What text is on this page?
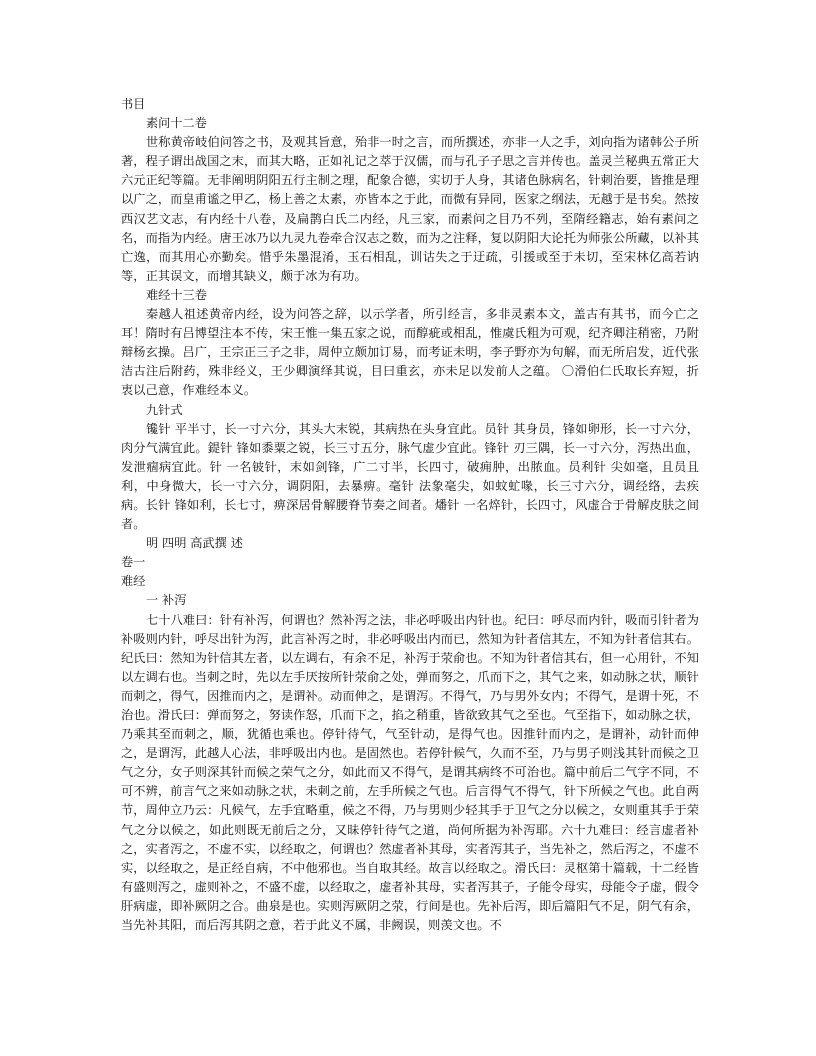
书目

素问十二卷

世称黄帝岐伯问答之书，及观其旨意，殆非一时之言，而所撰述，亦非一人之手，刘向指为诸韩公子所著，程子谓出战国之末，而其大略，正如礼记之萃于汉儒，而与孔子子思之言并传也。盖灵兰秘典五常正大六元正纪等篇。无非阐明阴阳五行主制之理，配象合德，实切于人身，其诸色脉病名，针刺治要，皆推是理以广之，而皇甫谧之甲乙，杨上善之太素，亦皆本之于此，而微有异同，医家之纲法，无越于是书矣。然按西汉艺文志，有内经十八卷，及扁鹊白氏二内经，凡三家，而素问之目乃不列，至隋经籍志，始有素问之名，而指为内经。唐王冰乃以九灵九卷牵合汉志之数，而为之注释，复以阴阳大论托为师张公所藏，以补其亡逸，而其用心亦勤矣。惜乎朱墨混淆，玉石相乱，训诂失之于迂疏，引援或至于未切，至宋林亿高若讷等，正其误文，而增其缺义，颇于冰为有功。

难经十三卷

秦越人祖述黄帝内经，设为问答之辞，以示学者，所引经言，多非灵素本文，盖古有其书，而今亡之耳！隋时有吕博望注本不传，宋王惟一集五家之说，而醇疵或相乱，惟虞氏粗为可观，纪齐卿注稍密，乃附辩杨玄操。吕广，王宗正三子之非，周仲立颇加订易，而考证未明，李子野亦为句解，而无所启发，近代张洁古注后附药，殊非经义，王少卿演绎其说，目曰重玄，亦未足以发前人之蕴。 〇滑伯仁氏取长弃短，折衷以己意，作难经本义。

九针式

镵针 平半寸，长一寸六分，其头大末锐，其病热在头身宜此。员针 其身员，锋如卵形，长一寸六分，肉分气满宜此。鍉针 锋如黍粟之锐，长三寸五分，脉气虚少宜此。锋针 刃三隅，长一寸六分，泻热出血，发泄痼病宜此。针 一名铍针，末如剑锋，广二寸半，长四寸，破痈肿，出脓血。员利针 尖如毫，且员且利，中身微大，长一寸六分，调阴阳，去暴痹。毫针 法象毫尖，如蚊虻喙，长三寸六分，调经络，去疾病。长针 锋如利，长七寸，痹深居骨解腰脊节奏之间者。燔针 一名焠针，长四寸，风虚合于骨解皮肤之间者。

明 四明 高武撰 述

卷一

难经

一 补泻

七十八难曰：针有补泻，何谓也？然补泻之法，非必呼吸出内针也。纪曰：呼尽而内针，吸而引针者为补吸则内针，呼尽出针为泻，此言补泻之时，非必呼吸出内而已，然知为针者信其左，不知为针者信其右。纪氏曰：然知为针信其左者，以左调右，有余不足，补泻于荥俞也。不知为针者信其右，但一心用针，不知以左调右也。当刺之时，先以左手厌按所针荥俞之处，弹而努之，爪而下之，其气之来，如动脉之状，顺针而刺之，得气，因推而内之，是谓补。动而伸之，是谓泻。不得气，乃与男外女内；不得气，是谓十死，不治也。滑氏曰：弹而努之，努读作怒，爪而下之，掐之稍重，皆欲致其气之至也。气至指下，如动脉之状，乃乘其至而刺之，顺，犹循也乘也。停针待气，气至针动，是得气也。因推针而内之，是谓补，动针而伸之，是谓泻，此越人心法，非呼吸出内也。是固然也。若停针候气，久而不至，乃与男子则浅其针而候之卫气之分，女子则深其针而候之荣气之分，如此而又不得气，是谓其病终不可治也。篇中前后二气字不同，不可不辨，前言气之来如动脉之状，未刺之前，左手所候之气也。后言得气不得气，针下所候之气也。此自两节，周仲立乃云：凡候气，左手宜略重，候之不得，乃与男则少轻其手于卫气之分以候之，女则重其手于荣气之分以候之，如此则既无前后之分，又昧停针待气之道，尚何所据为补泻耶。六十九难曰：经言虚者补之，实者泻之，不虚不实，以经取之，何谓也？然虚者补其母，实者泻其子，当先补之，然后泻之，不虚不实，以经取之，是正经自病，不中他邪也。当自取其经。故言以经取之。滑氏曰：灵枢第十篇载，十二经皆有盛则泻之，虚则补之，不盛不虚，以经取之，虚者补其母，实者泻其子，子能令母实，母能令子虚，假令肝病虚，即补厥阴之合。曲泉是也。实则泻厥阴之荥，行间是也。先补后泻，即后篇阳气不足，阴气有余，当先补其阳，而后泻其阴之意，若于此义不属，非阙误，则羡文也。不
